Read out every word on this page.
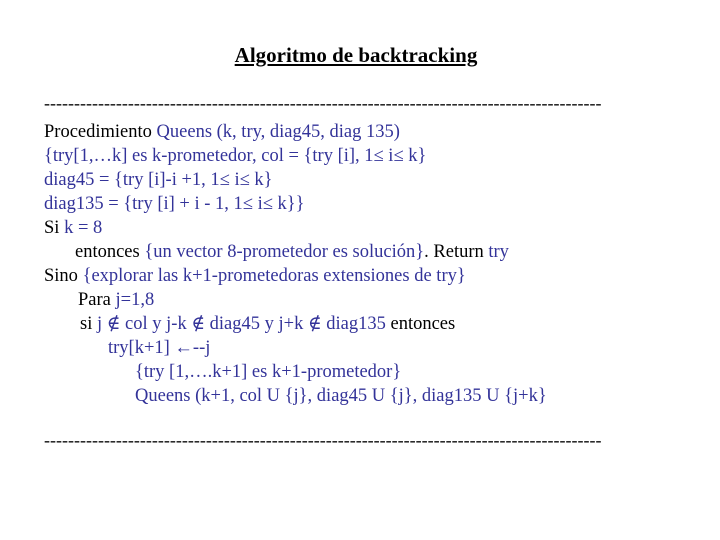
Algoritmo de backtracking
---------------------------------------------------------------------------------------------
Procedimiento Queens (k, try, diag45, diag 135)
{try[1,…k] es k-prometedor, col = {try [i], 1≤ i≤ k}
diag45 = {try [i]-i +1, 1≤ i≤ k}
diag135 = {try [i] + i - 1, 1≤ i≤ k}}
Si k = 8
entonces {un vector 8-prometedor es solución}. Return try
Sino {explorar las k+1-prometedoras extensiones de try}
Para j=1,8
si j ∉ col y j-k ∉ diag45 y j+k ∉ diag135 entonces
try[k+1] ←--j
{try [1,….k+1] es k+1-prometedor}
Queens (k+1, col U {j}, diag45 U {j}, diag135 U {j+k}
---------------------------------------------------------------------------------------------
